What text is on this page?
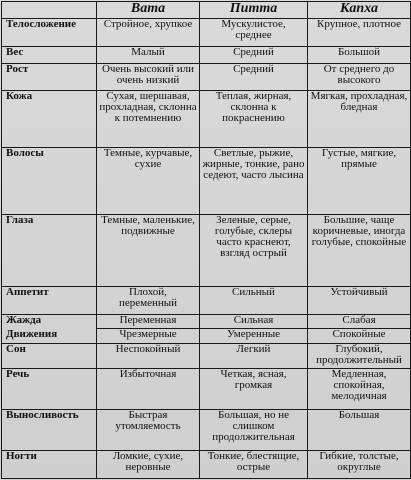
	Вата	Питта	Капха
Телосложение	Стройное, хрупкое	Мускулистое, среднее	Крупное, плотное
Вес	Малый	Средний	Большой
Рост	Очень высокий или очень низкий	Средний	От среднего до высокого
Кожа	Сухая, шершавая, прохладная, склонна к потемнению	Теплая, жирная, склонна к покраснению	Мягкая, прохладная, бледная
Волосы	Темные, курчавые, сухие	Светлые, рыжие, жирные, тонкие, рано седеют, часто лысина	Густые, мягкие, прямые
Глаза	Темные, маленькие, подвижные	Зеленые, серые, голубые, склеры часто краснеют, взгляд острый	Большие, чаще коричневые, иногда голубые, спокойные
Аппетит	Плохой, переменный	Сильный	Устойчивый
Жажда	Переменная	Сильная	Слабая
Движения	Чрезмерные	Умеренные	Спокойные
Сон	Неспокойный	Легкий	Глубокий, продолжительный
Речь	Избыточная	Четкая, ясная, громкая	Медленная, спокойная, мелодичная
Выносливость	Быстрая утомляемость	Большая, но не слишком продолжительная	Большая
Ногти	Ломкие, сухие, неровные	Тонкие, блестящие, острые	Гибкие, толстые, округлые
